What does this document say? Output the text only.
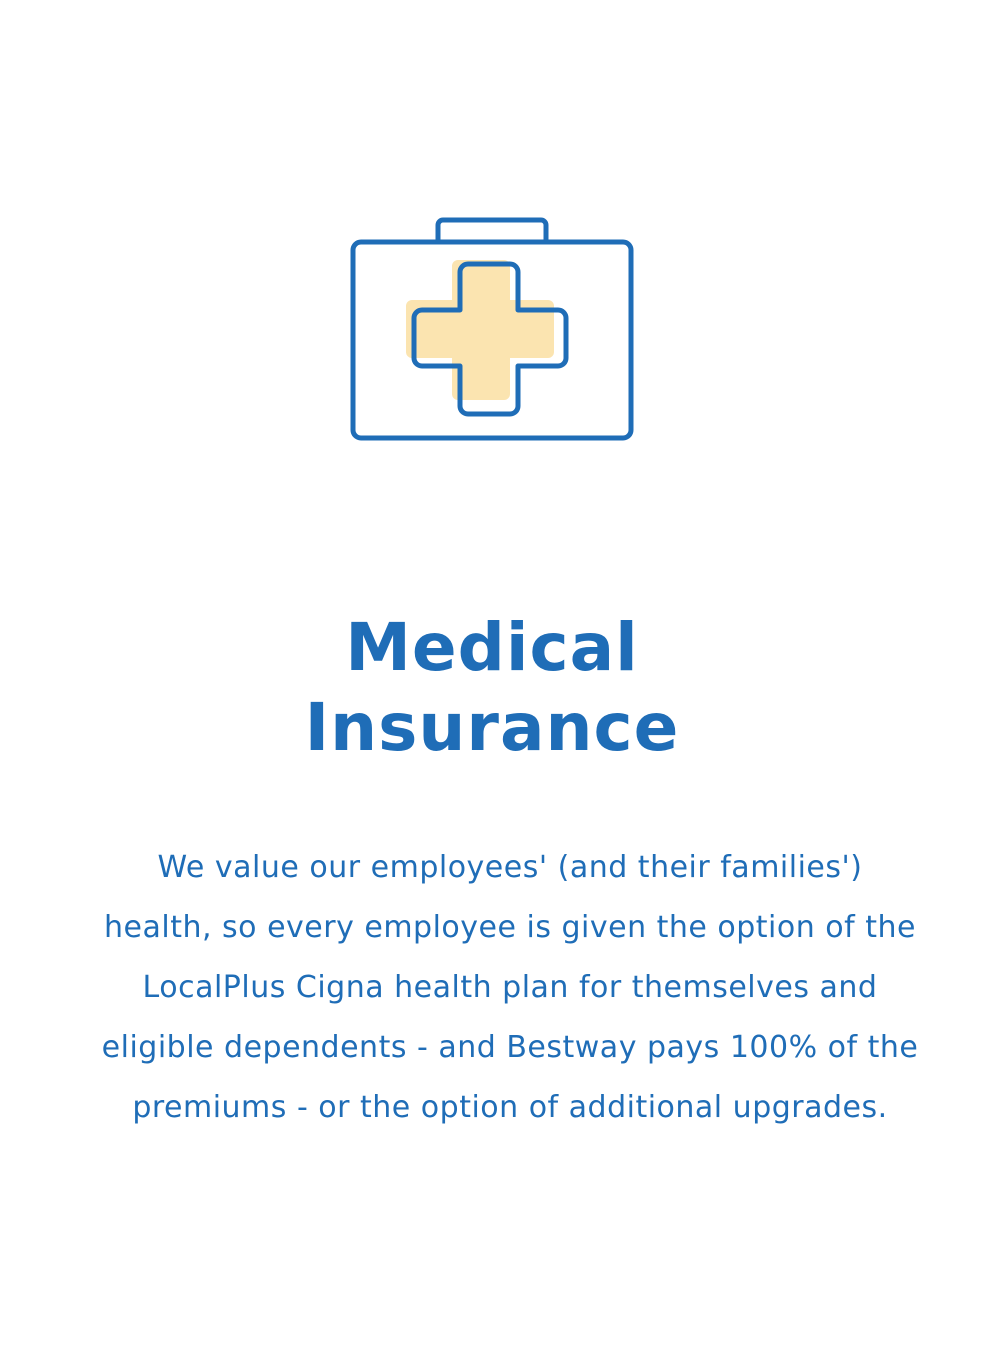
Medical
Insurance

We value our employees' (and their families') health, so every employee is given the option of the LocalPlus Cigna health plan for themselves and eligible dependents - and Bestway pays 100% of the premiums - or the option of additional upgrades.
